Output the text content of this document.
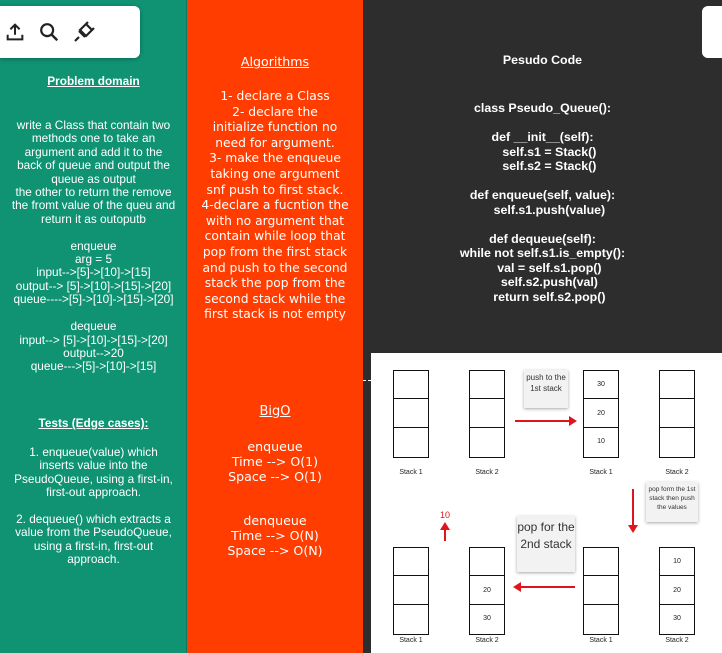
Problem domain
write a Class that contain two
methods one to take an
argument and add it to the
back of queue and output the
queue as output
the other to return the remove
the fromt value of the queu and
return it as outoputb

enqueue
arg = 5
input-->[5]->[10]->[15]
output--> [5]->[10]->[15]->[20]
queue---->[5]->[10]->[15]->[20]

dequeue
input--> [5]->[10]->[15]->[20]
output-->20
queue--->[5]->[10]->[15]
Tests (Edge cases):
1. enqueue(value) which
inserts value into the
PseudoQueue, using a first-in,
first-out approach.

2. dequeue() which extracts a
value from the PseudoQueue,
using a first-in, first-out
approach.
Algorithms
1- declare a Class
2- declare the
initialize function no
need for argument.
3- make the enqueue
taking one argument
snf push to first stack.
4-declare a fucntion the
with no argument that
contain while loop that
pop from the first stack
and push to the second
stack the pop from the
second stack while the
first stack is not empty
BigO
enqueue
Time --> O(1)
Space --> O(1)

denqueue
Time --> O(N)
Space --> O(N)
Pesudo Code
class Pseudo_Queue():

def __init__(self):
self.s1 = Stack()
self.s2 = Stack()

def enqueue(self, value):
self.s1.push(value)

def dequeue(self):
while not self.s1.is_empty():
val = self.s1.pop()
self.s2.push(val)
return self.s2.pop()
Stack 1	Stack 2
push to the 1st stack	30
20
10
Stack 1	Stack 2
pop form the 1st stack then push the values
Stack 1
10
20
30
Stack 2
pop for the 2nd stack
Stack 1
10
20
30
Stack 2
